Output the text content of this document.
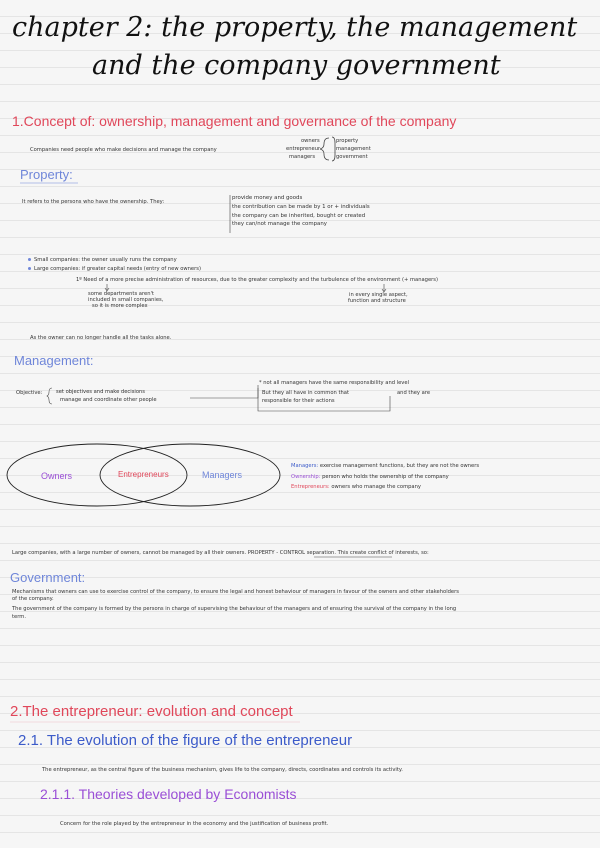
chapter 2: the property, the management
and the company government
1.Concept of: ownership, management and governance of the company
Companies need people who make decisions and manage the company
owners
entrepreneur
managers
property
management
government
Property:
It refers to the persons who have the ownership. They:
provide money and goods
the contribution can be made by 1 or + individuals
the company can be inherited, bought or created
they can/not manage the company
Small companies: the owner usually runs the company
Large companies: if greater capital needs (entry of new owners)
1º Need of a more precise administration of resources, due to the greater complexity and the turbulence of the environment (+ managers)
some departments aren't
included in small companies,
so it is more complex
in every single aspect,
function and structure
As the owner can no longer handle all the tasks alone.
Management:
Objective:	set objectives and make decisions
manage and coordinate other people
* not all managers have the same responsibility and level
But they all have in common that	and they are
responsible for their actions
Owners	Entrepreneurs	Managers
Managers: exercise management functions, but they are not the owners
Ownership: person who holds the ownership of the company
Entrepreneurs: owners who manage the company
Large companies, with a large number of owners, cannot be managed by all their owners. PROPERTY - CONTROL separation. This create conflict of interests, so:
Government:
Mechanisms that owners can use to exercise control of the company, to ensure the legal and honest behaviour of managers in favour of the owners and other stakeholders
of the company.
The government of the company is formed by the persons in charge of supervising the behaviour of the managers and of ensuring the survival of the company in the long
term.
2.The entrepreneur: evolution and concept
2.1. The evolution of the figure of the entrepreneur
The entrepreneur, as the central figure of the business mechanism, gives life to the company, directs, coordinates and controls its activity.
2.1.1. Theories developed by Economists
Concern for the role played by the entrepreneur in the economy and the justification of business profit.
